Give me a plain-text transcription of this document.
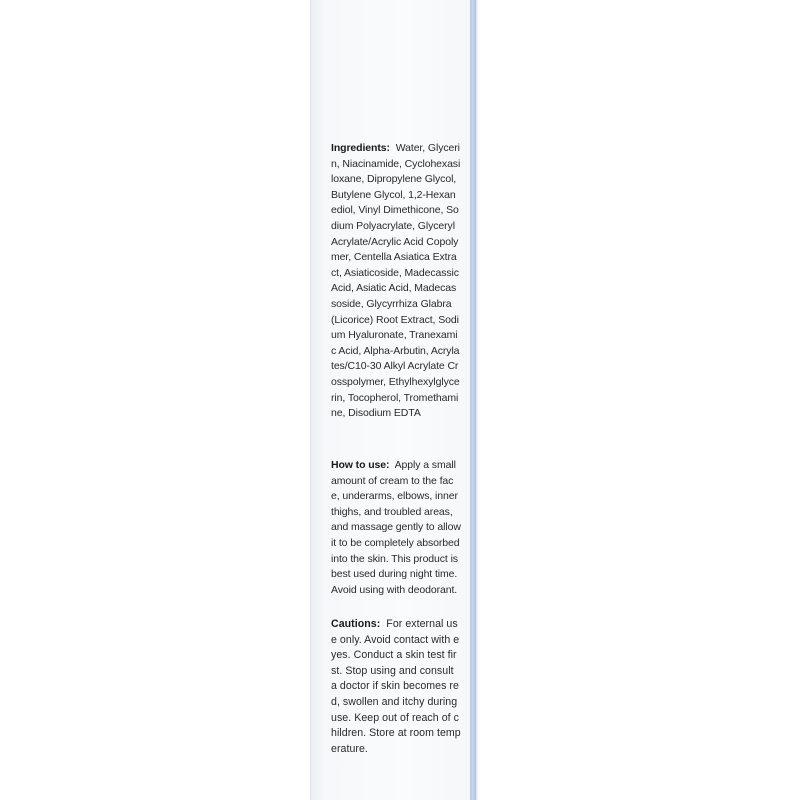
Ingredients: Water, Glycerin, Niacinamide, Cyclohexasiloxane, Dipropylene Glycol, Butylene Glycol, 1,2-Hexanediol, Vinyl Dimethicone, Sodium Polyacrylate, Glyceryl Acrylate/Acrylic Acid Copolymer, Centella Asiatica Extract, Asiaticoside, Madecassic Acid, Asiatic Acid, Madecassoside, Glycyrrhiza Glabra (Licorice) Root Extract, Sodium Hyaluronate, Tranexamic Acid, Alpha-Arbutin, Acrylates/C10-30 Alkyl Acrylate Crosspolymer, Ethylhexylglycerin, Tocopherol, Tromethamine, Disodium EDTA
How to use: Apply a small amount of cream to the face, underarms, elbows, inner thighs, and troubled areas, and massage gently to allow it to be completely absorbed into the skin. This product is best used during night time. Avoid using with deodorant.
Cautions: For external use only. Avoid contact with eyes. Conduct a skin test first. Stop using and consult a doctor if skin becomes red, swollen and itchy during use. Keep out of reach of children. Store at room temperature.
